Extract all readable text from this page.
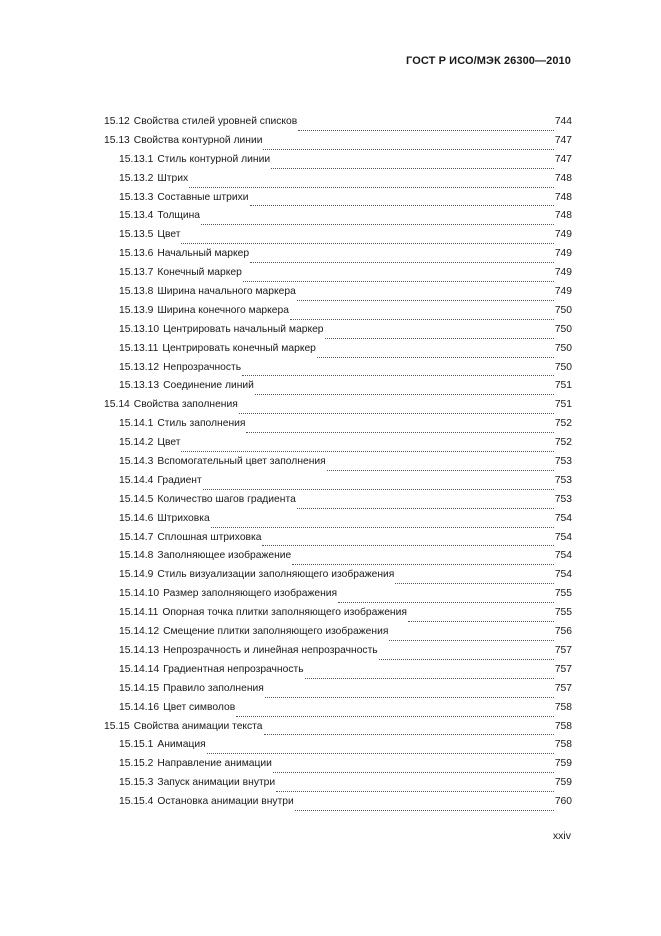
ГОСТ Р ИСО/МЭК 26300—2010
15.12 Свойства стилей уровней списков	744
15.13 Свойства контурной линии	747
15.13.1 Стиль контурной линии	747
15.13.2 Штрих	748
15.13.3 Составные штрихи	748
15.13.4 Толщина	748
15.13.5 Цвет	749
15.13.6 Начальный маркер	749
15.13.7 Конечный маркер	749
15.13.8 Ширина начального маркера	749
15.13.9 Ширина конечного маркера	750
15.13.10 Центрировать начальный маркер	750
15.13.11 Центрировать конечный маркер	750
15.13.12 Непрозрачность	750
15.13.13 Соединение линий	751
15.14 Свойства заполнения	751
15.14.1 Стиль заполнения	752
15.14.2 Цвет	752
15.14.3 Вспомогательный цвет заполнения	753
15.14.4 Градиент	753
15.14.5 Количество шагов градиента	753
15.14.6 Штриховка	754
15.14.7 Сплошная штриховка	754
15.14.8 Заполняющее изображение	754
15.14.9 Стиль визуализации заполняющего изображения	754
15.14.10 Размер заполняющего изображения	755
15.14.11 Опорная точка плитки заполняющего изображения	755
15.14.12 Смещение плитки заполняющего изображения	756
15.14.13 Непрозрачность и линейная непрозрачность	757
15.14.14 Градиентная непрозрачность	757
15.14.15 Правило заполнения	757
15.14.16 Цвет символов	758
15.15 Свойства анимации текста	758
15.15.1 Анимация	758
15.15.2 Направление анимации	759
15.15.3 Запуск анимации внутри	759
15.15.4 Остановка анимации внутри	760
xxiv
